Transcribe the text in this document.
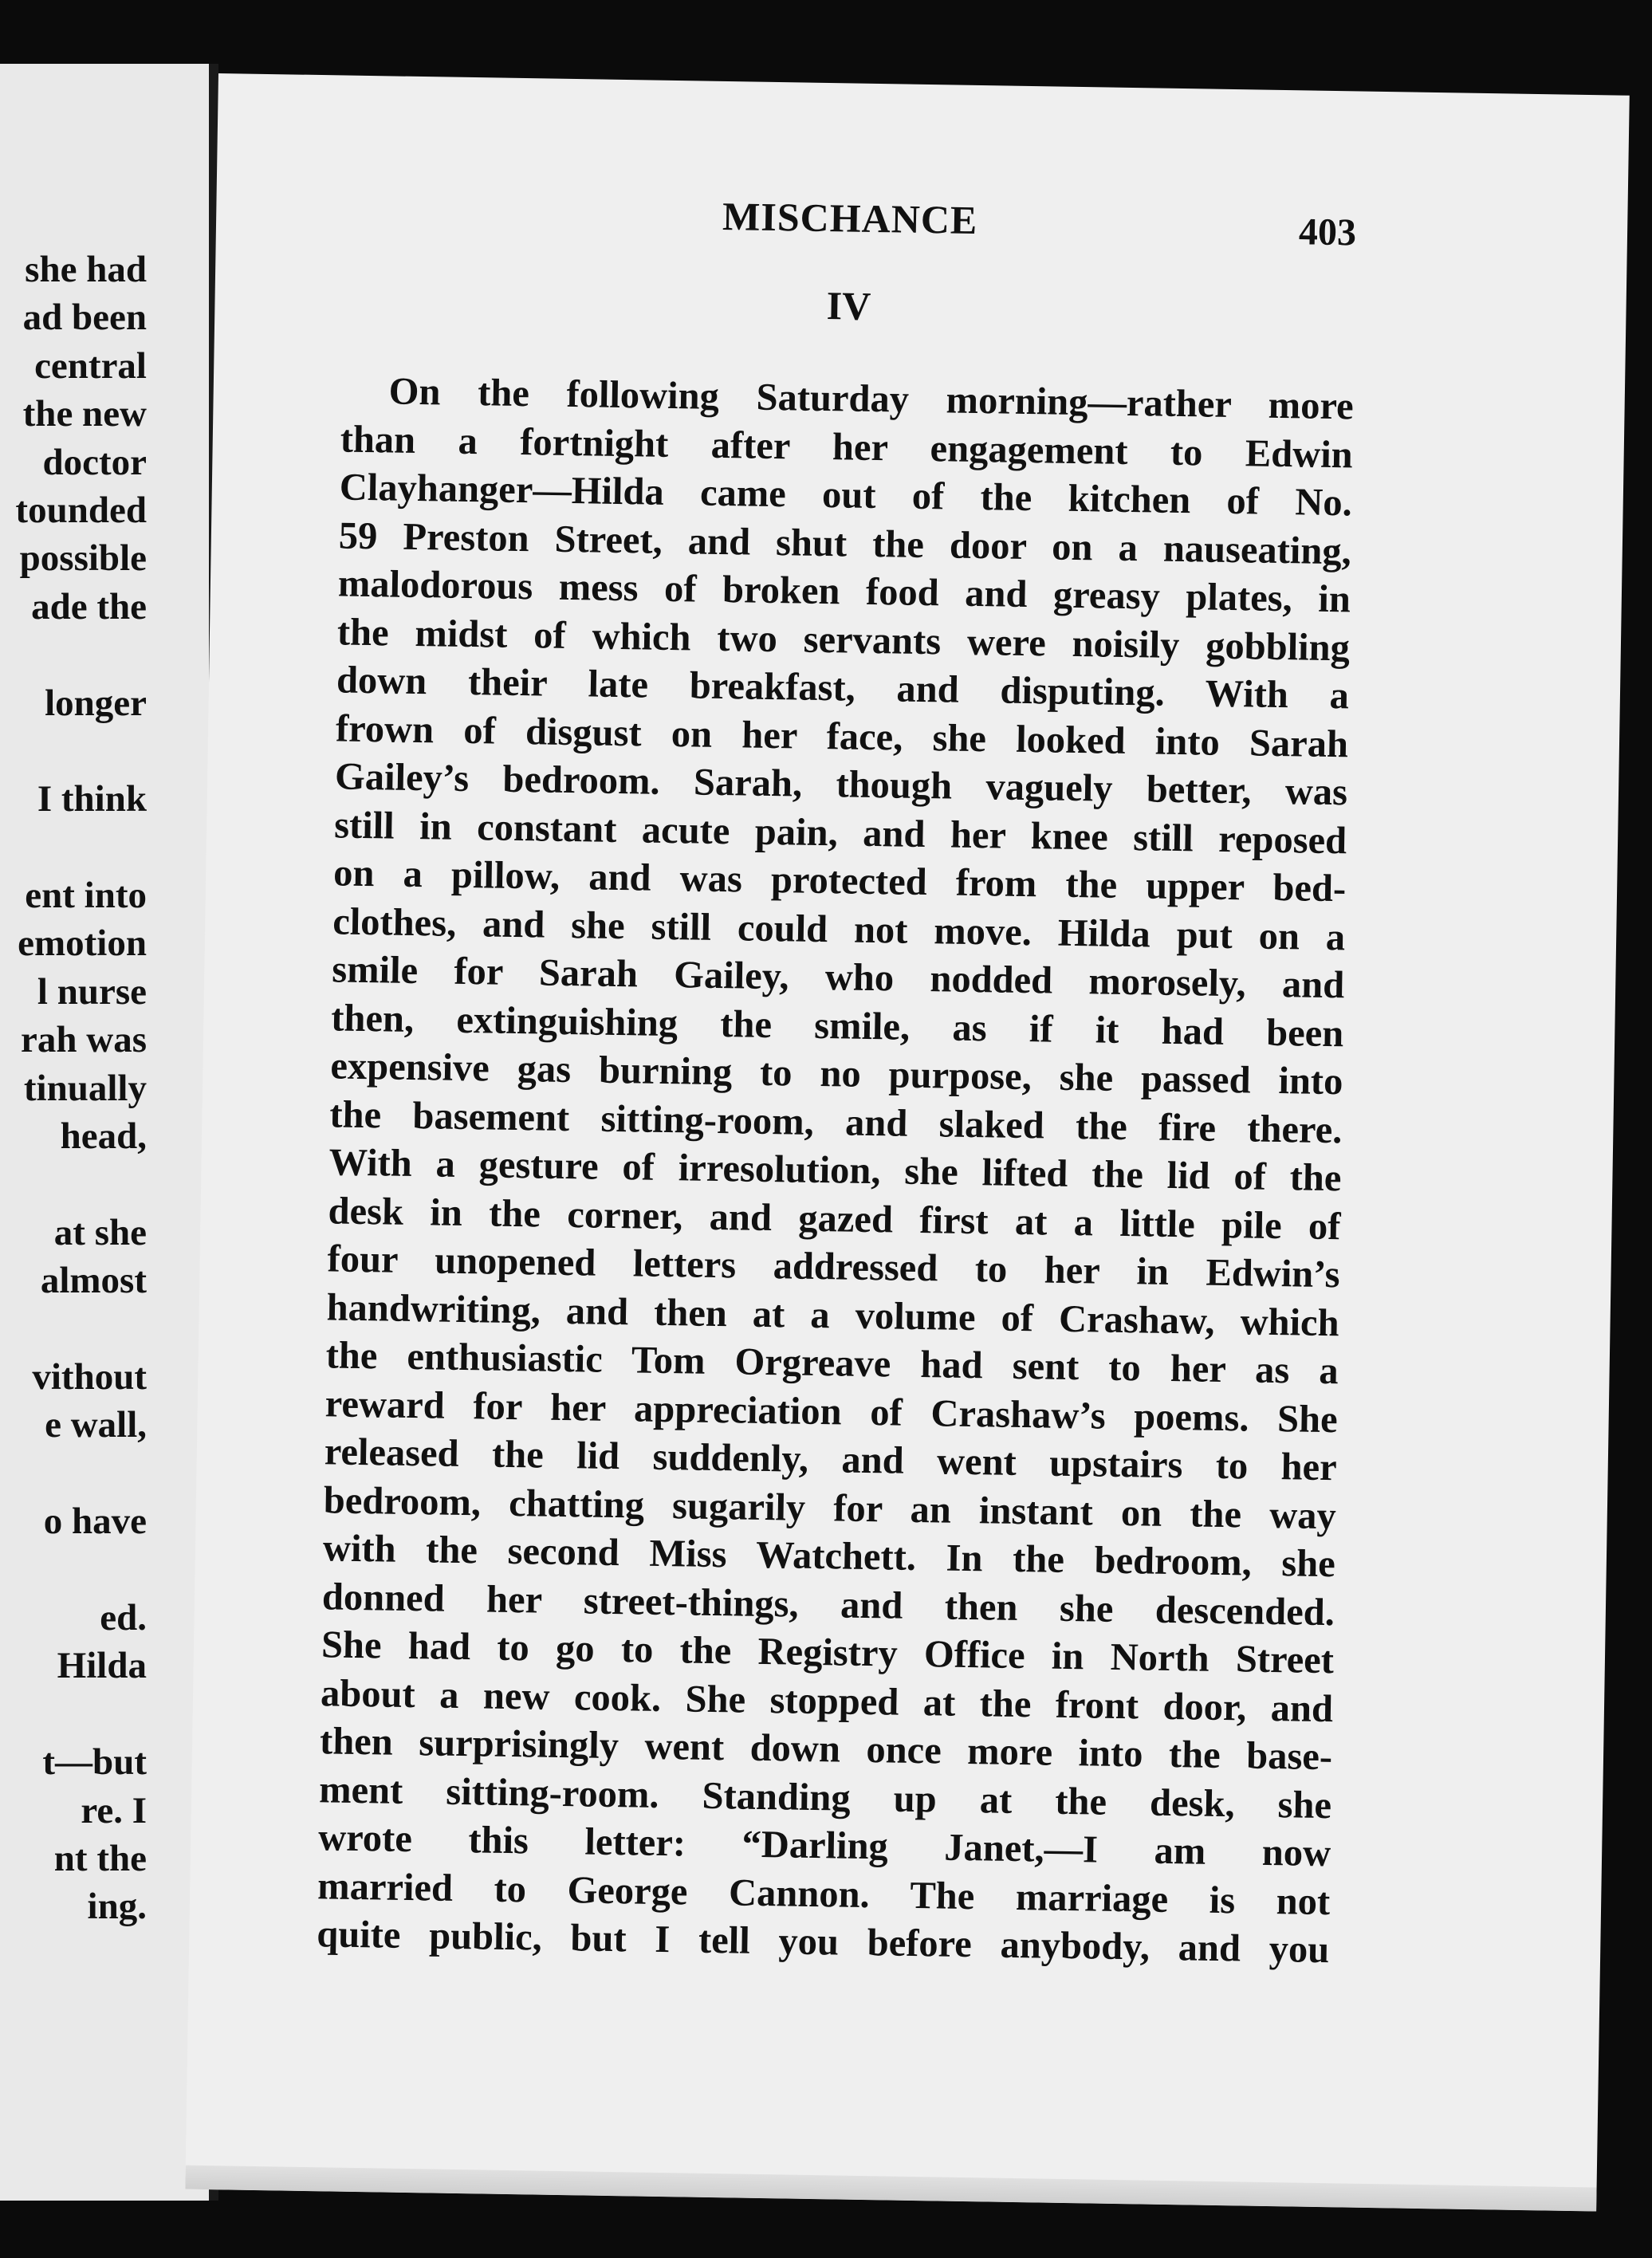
she had
ad been
central
the new
doctor
tounded
possible
ade the
longer
I think
ent into
emotion
l nurse
rah was
tinually
head,
at she
almost
vithout
e wall,
o have
ed.
Hilda
t—but
re. I
nt the
ing.
MISCHANCE	403
IV
On the following Saturday morning—rather more
than a fortnight after her engagement to Edwin
Clayhanger—Hilda came out of the kitchen of No.
59 Preston Street, and shut the door on a nauseating,
malodorous mess of broken food and greasy plates, in
the midst of which two servants were noisily gobbling
down their late breakfast, and disputing. With a
frown of disgust on her face, she looked into Sarah
Gailey’s bedroom. Sarah, though vaguely better, was
still in constant acute pain, and her knee still reposed
on a pillow, and was protected from the upper bed-
clothes, and she still could not move. Hilda put on a
smile for Sarah Gailey, who nodded morosely, and
then, extinguishing the smile, as if it had been
expensive gas burning to no purpose, she passed into
the basement sitting-room, and slaked the fire there.
With a gesture of irresolution, she lifted the lid of the
desk in the corner, and gazed first at a little pile of
four unopened letters addressed to her in Edwin’s
handwriting, and then at a volume of Crashaw, which
the enthusiastic Tom Orgreave had sent to her as a
reward for her appreciation of Crashaw’s poems. She
released the lid suddenly, and went upstairs to her
bedroom, chatting sugarily for an instant on the way
with the second Miss Watchett. In the bedroom, she
donned her street-things, and then she descended.
She had to go to the Registry Office in North Street
about a new cook. She stopped at the front door, and
then surprisingly went down once more into the base-
ment sitting-room. Standing up at the desk, she
wrote this letter: “Darling Janet,—I am now
married to George Cannon. The marriage is not
quite public, but I tell you before anybody, and you
